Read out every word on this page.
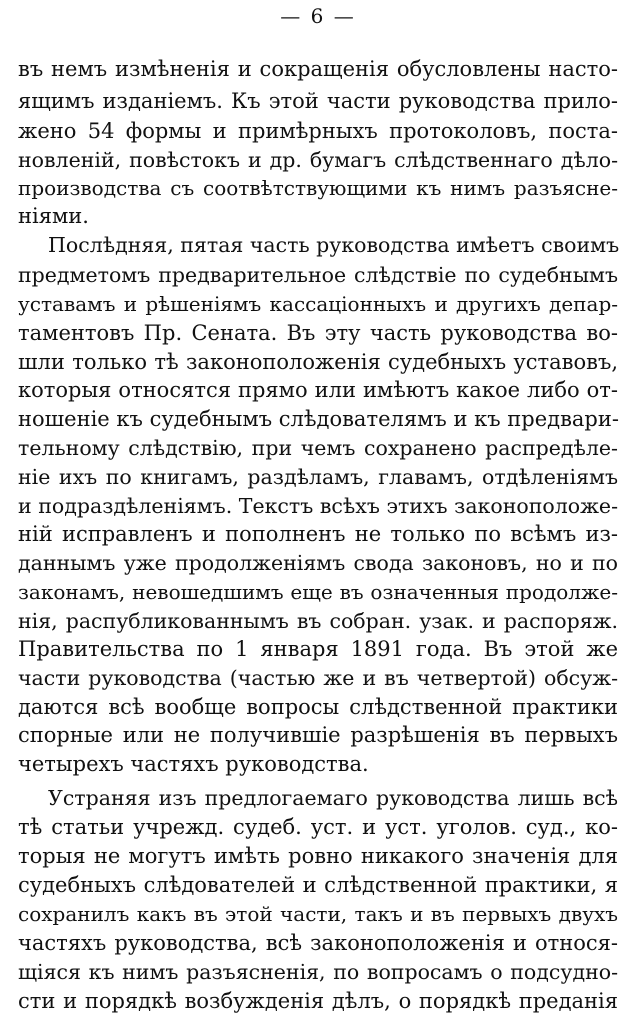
— 6 —
въ немъ измѣненія и сокращенія обусловлены насто-
ящимъ изданіемъ. Къ этой части руководства прило-
жено 54 формы и примѣрныхъ протоколовъ, поста-
новленій, повѣстокъ и др. бумагъ слѣдственнаго дѣло-
производства съ соотвѣтствующими къ нимъ разъясне-
ніями.
Послѣдняя, пятая часть руководства имѣетъ своимъ
предметомъ предварительное слѣдствіе по судебнымъ
уставамъ и рѣшеніямъ кассаціонныхъ и другихъ депар-
таментовъ Пр. Сената. Въ эту часть руководства во-
шли только тѣ законоположенія судебныхъ уставовъ,
которыя относятся прямо или имѣютъ какое либо от-
ношеніе къ судебнымъ слѣдователямъ и къ предвари-
тельному слѣдствію, при чемъ сохранено распредѣле-
ніе ихъ по книгамъ, раздѣламъ, главамъ, отдѣленіямъ
и подраздѣленіямъ. Текстъ всѣхъ этихъ законоположе-
ній исправленъ и пополненъ не только по всѣмъ из-
даннымъ уже продолженіямъ свода законовъ, но и по
законамъ, невошедшимъ еще въ означенныя продолже-
нія, распубликованнымъ въ собран. узак. и распоряж.
Правительства по 1 января 1891 года. Въ этой же
части руководства (частью же и въ четвертой) обсуж-
даются всѣ вообще вопросы слѣдственной практики
спорные или не получившіе разрѣшенія въ первыхъ
четырехъ частяхъ руководства.
Устраняя изъ предлогаемаго руководства лишь всѣ
тѣ статьи учрежд. судеб. уст. и уст. уголов. суд., ко-
торыя не могутъ имѣть ровно никакого значенія для
судебныхъ слѣдователей и слѣдственной практики, я
сохранилъ какъ въ этой части, такъ и въ первыхъ двухъ
частяхъ руководства, всѣ законоположенія и относя-
щіяся къ нимъ разъясненія, по вопросамъ о подсудно-
сти и порядкѣ возбужденія дѣлъ, о порядкѣ преданія
